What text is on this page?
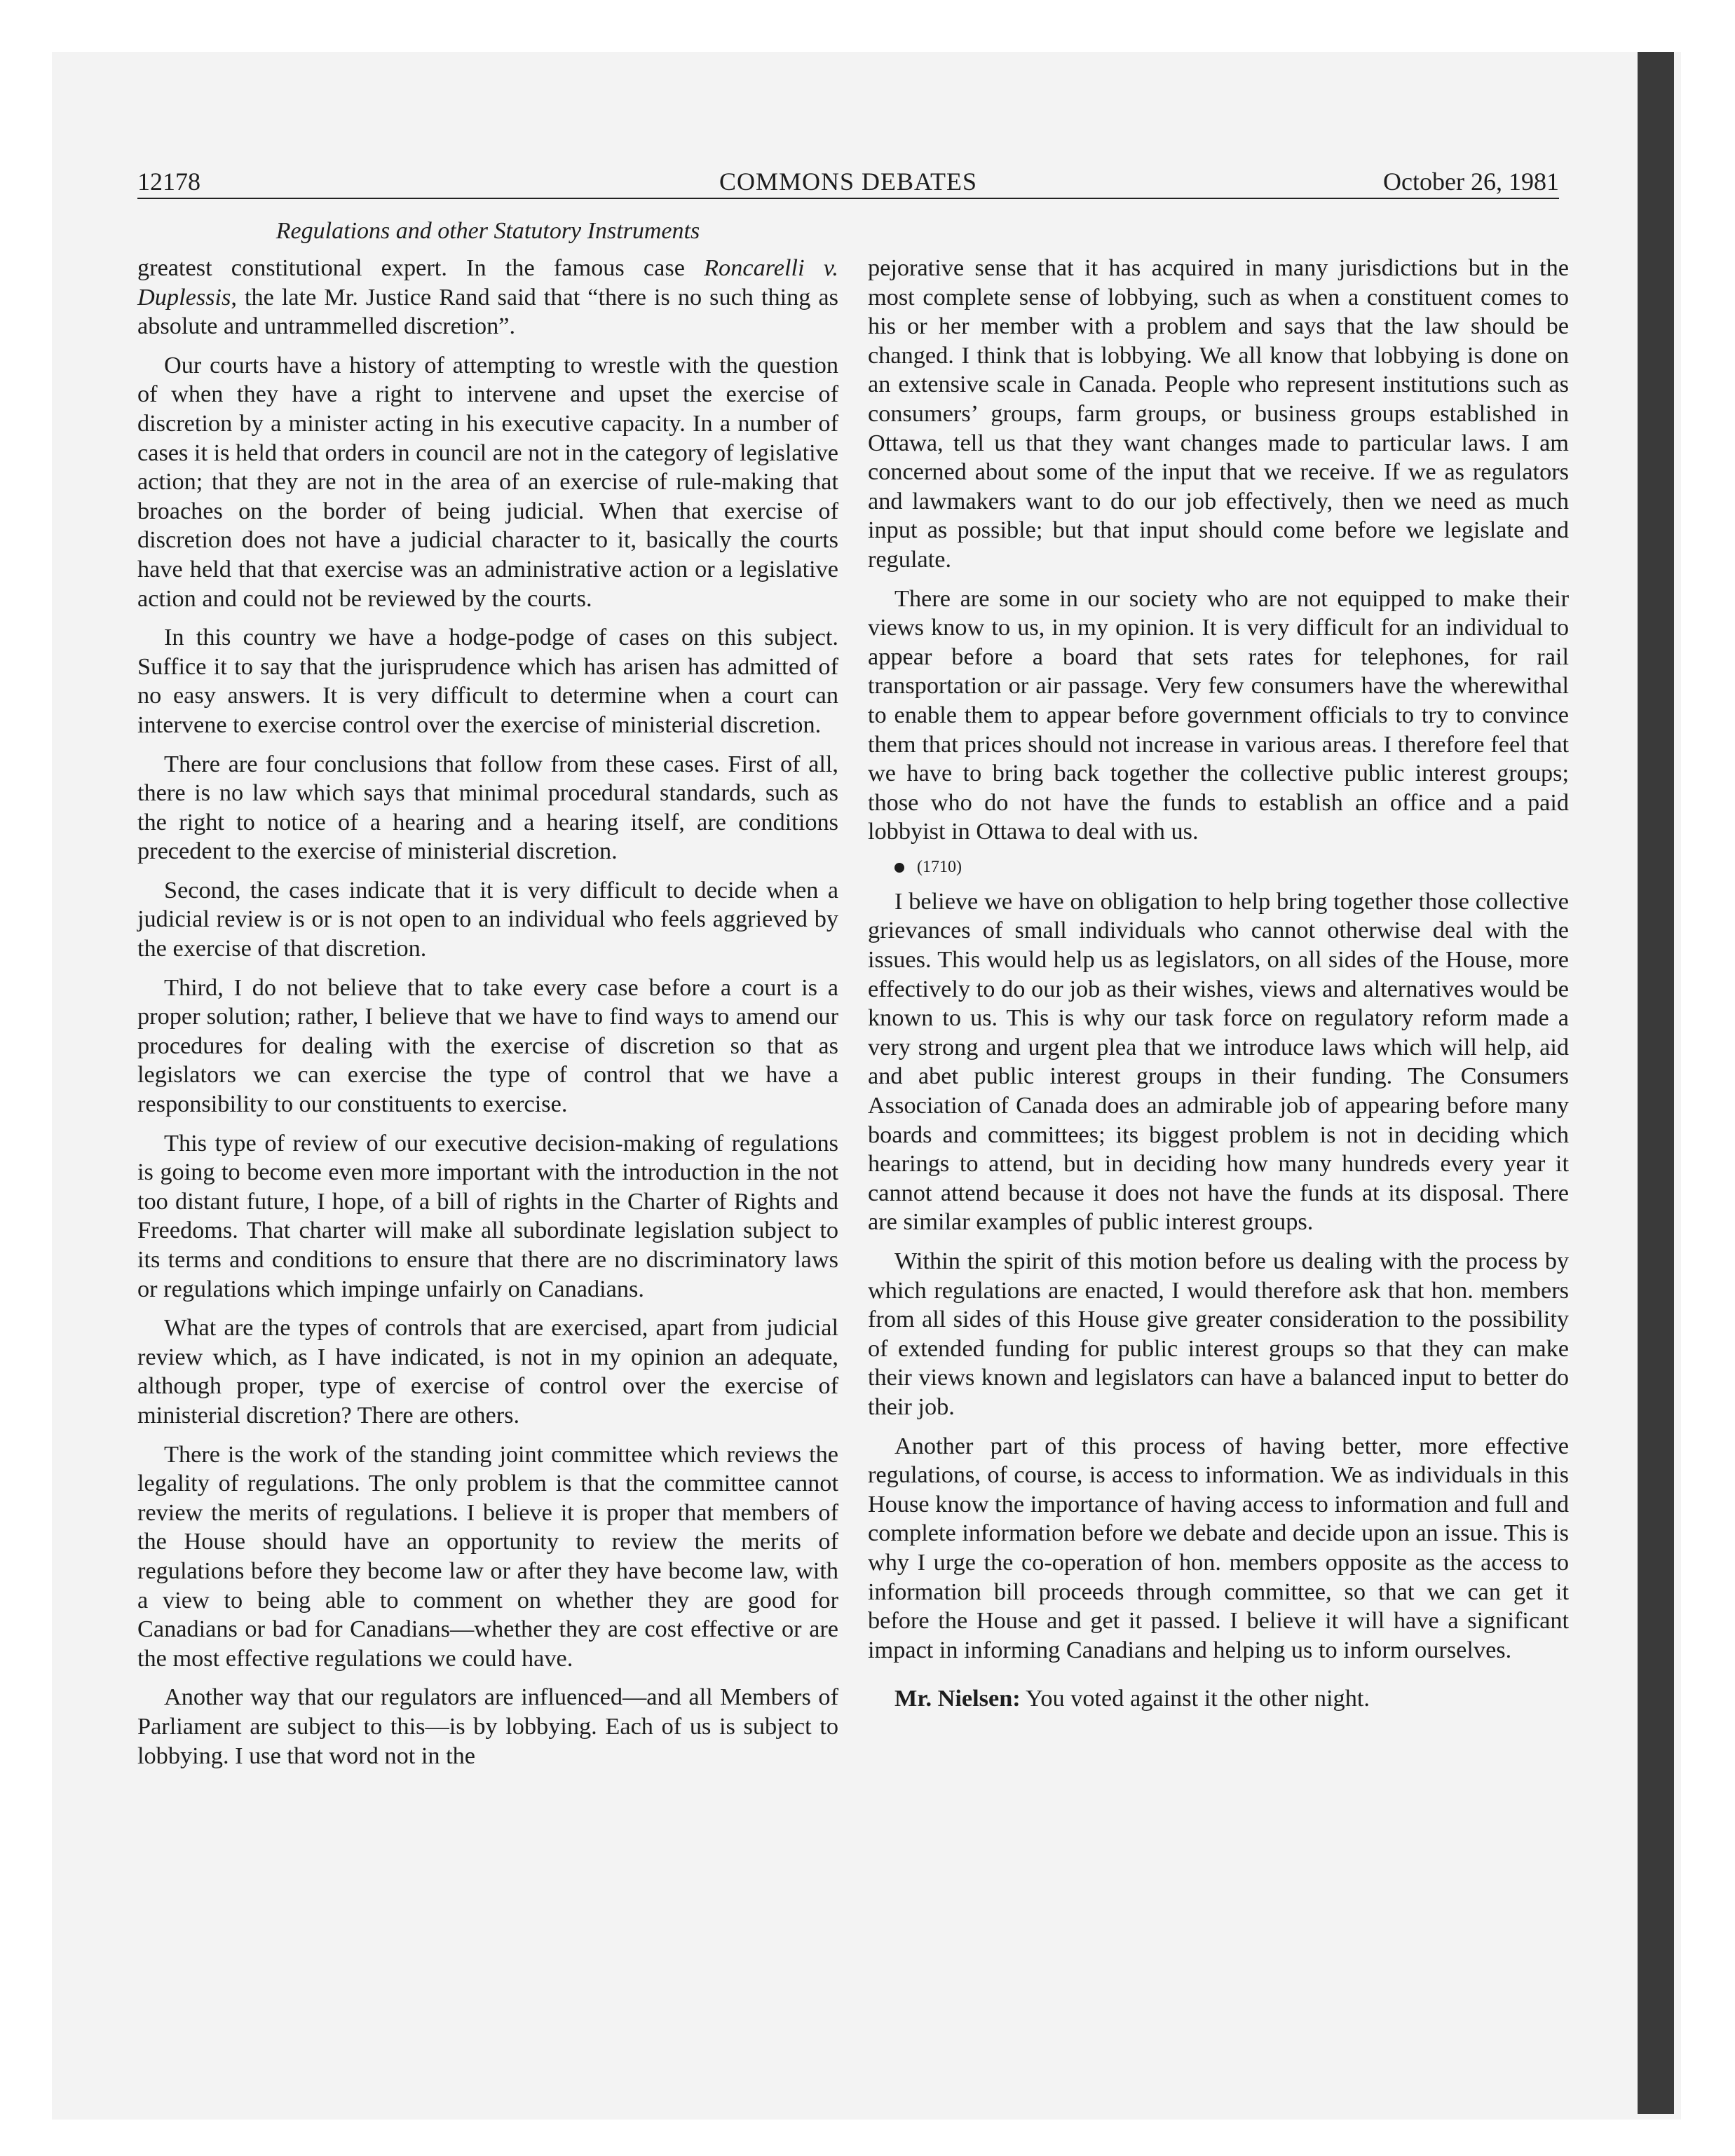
12178	COMMONS DEBATES	October 26, 1981
Regulations and other Statutory Instruments

greatest constitutional expert. In the famous case Roncarelli v. Duplessis, the late Mr. Justice Rand said that “there is no such thing as absolute and untrammelled discretion”.

Our courts have a history of attempting to wrestle with the question of when they have a right to intervene and upset the exercise of discretion by a minister acting in his executive capacity. In a number of cases it is held that orders in council are not in the category of legislative action; that they are not in the area of an exercise of rule-making that broaches on the border of being judicial. When that exercise of discretion does not have a judicial character to it, basically the courts have held that that exercise was an administrative action or a legislative action and could not be reviewed by the courts.

In this country we have a hodge-podge of cases on this subject. Suffice it to say that the jurisprudence which has arisen has admitted of no easy answers. It is very difficult to determine when a court can intervene to exercise control over the exercise of ministerial discretion.

There are four conclusions that follow from these cases. First of all, there is no law which says that minimal procedural standards, such as the right to notice of a hearing and a hearing itself, are conditions precedent to the exercise of ministerial discretion.

Second, the cases indicate that it is very difficult to decide when a judicial review is or is not open to an individual who feels aggrieved by the exercise of that discretion.

Third, I do not believe that to take every case before a court is a proper solution; rather, I believe that we have to find ways to amend our procedures for dealing with the exercise of discretion so that as legislators we can exercise the type of control that we have a responsibility to our constituents to exercise.

This type of review of our executive decision-making of regulations is going to become even more important with the introduction in the not too distant future, I hope, of a bill of rights in the Charter of Rights and Freedoms. That charter will make all subordinate legislation subject to its terms and conditions to ensure that there are no discriminatory laws or regulations which impinge unfairly on Canadians.

What are the types of controls that are exercised, apart from judicial review which, as I have indicated, is not in my opinion an adequate, although proper, type of exercise of control over the exercise of ministerial discretion? There are others.

There is the work of the standing joint committee which reviews the legality of regulations. The only problem is that the committee cannot review the merits of regulations. I believe it is proper that members of the House should have an opportunity to review the merits of regulations before they become law or after they have become law, with a view to being able to comment on whether they are good for Canadians or bad for Canadians—whether they are cost effective or are the most effective regulations we could have.

Another way that our regulators are influenced—and all Members of Parliament are subject to this—is by lobbying. Each of us is subject to lobbying. I use that word not in the

pejorative sense that it has acquired in many jurisdictions but in the most complete sense of lobbying, such as when a constituent comes to his or her member with a problem and says that the law should be changed. I think that is lobbying. We all know that lobbying is done on an extensive scale in Canada. People who represent institutions such as consumers’ groups, farm groups, or business groups established in Ottawa, tell us that they want changes made to particular laws. I am concerned about some of the input that we receive. If we as regulators and lawmakers want to do our job effectively, then we need as much input as possible; but that input should come before we legislate and regulate.

There are some in our society who are not equipped to make their views know to us, in my opinion. It is very difficult for an individual to appear before a board that sets rates for telephones, for rail transportation or air passage. Very few consumers have the wherewithal to enable them to appear before government officials to try to convince them that prices should not increase in various areas. I therefore feel that we have to bring back together the collective public interest groups; those who do not have the funds to establish an office and a paid lobbyist in Ottawa to deal with us.

(1710)

I believe we have on obligation to help bring together those collective grievances of small individuals who cannot otherwise deal with the issues. This would help us as legislators, on all sides of the House, more effectively to do our job as their wishes, views and alternatives would be known to us. This is why our task force on regulatory reform made a very strong and urgent plea that we introduce laws which will help, aid and abet public interest groups in their funding. The Consumers Association of Canada does an admirable job of appearing before many boards and committees; its biggest problem is not in deciding which hearings to attend, but in deciding how many hundreds every year it cannot attend because it does not have the funds at its disposal. There are similar examples of public interest groups.

Within the spirit of this motion before us dealing with the process by which regulations are enacted, I would therefore ask that hon. members from all sides of this House give greater consideration to the possibility of extended funding for public interest groups so that they can make their views known and legislators can have a balanced input to better do their job.

Another part of this process of having better, more effective regulations, of course, is access to information. We as individuals in this House know the importance of having access to information and full and complete information before we debate and decide upon an issue. This is why I urge the co-operation of hon. members opposite as the access to information bill proceeds through committee, so that we can get it before the House and get it passed. I believe it will have a significant impact in informing Canadians and helping us to inform ourselves.

Mr. Nielsen: You voted against it the other night.
